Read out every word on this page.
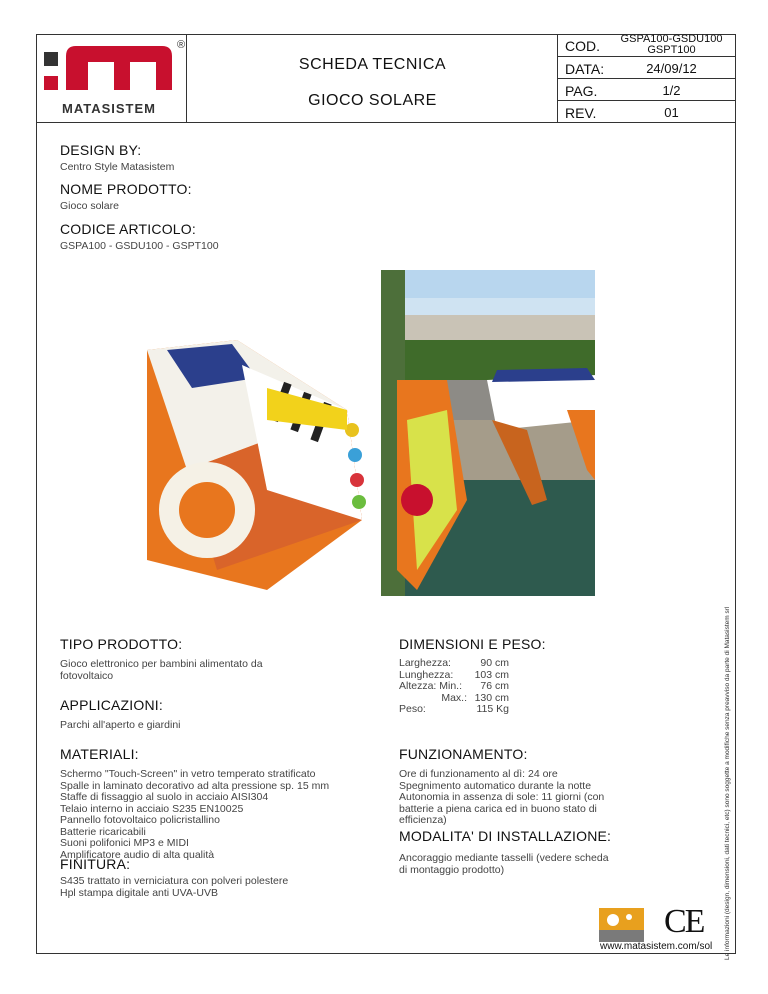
MATASISTEM
®
SCHEDA TECNICA
GIOCO SOLARE
COD.	GSPA100-GSDU100
GSPT100
DATA:	24/09/12
PAG.	1/2
REV.	01
DESIGN BY:
Centro Style Matasistem
NOME PRODOTTO:
Gioco solare
CODICE ARTICOLO:
GSPA100 - GSDU100 - GSPT100
TIPO PRODOTTO:
Gioco elettronico per bambini alimentato da fotovoltaico
APPLICAZIONI:
Parchi all'aperto e giardini
MATERIALI:
Schermo "Touch-Screen" in vetro temperato stratificato
Spalle in laminato decorativo ad alta pressione sp. 15 mm
Staffe di fissaggio al suolo in acciaio AISI304
Telaio interno in acciaio S235 EN10025
Pannello fotovoltaico policristallino
Batterie ricaricabili
Suoni polifonici MP3 e MIDI
Amplificatore audio di alta qualità
FINITURA:
S435 trattato in verniciatura con polveri polestere
Hpl stampa digitale anti UVA-UVB
DIMENSIONI E PESO:
Larghezza:	90 cm
Lunghezza:	103 cm
Altezza: Min.:	76 cm
Max.:	130 cm
Peso:	115 Kg
FUNZIONAMENTO:
Ore di funzionamento al dì: 24 ore
Spegnimento automatico durante la notte
Autonomia in assenza di sole: 11 giorni (con
batterie a piena carica ed in buono stato di
efficienza)
MODALITA' DI INSTALLAZIONE:
Ancoraggio mediante tasselli (vedere scheda
di montaggio prodotto)
CE
www.matasistem.com/sol Le informazioni (design, dimensioni, dati tecnici, etc) sono soggette a modifiche senza preavviso da parte di Matasistem srl
